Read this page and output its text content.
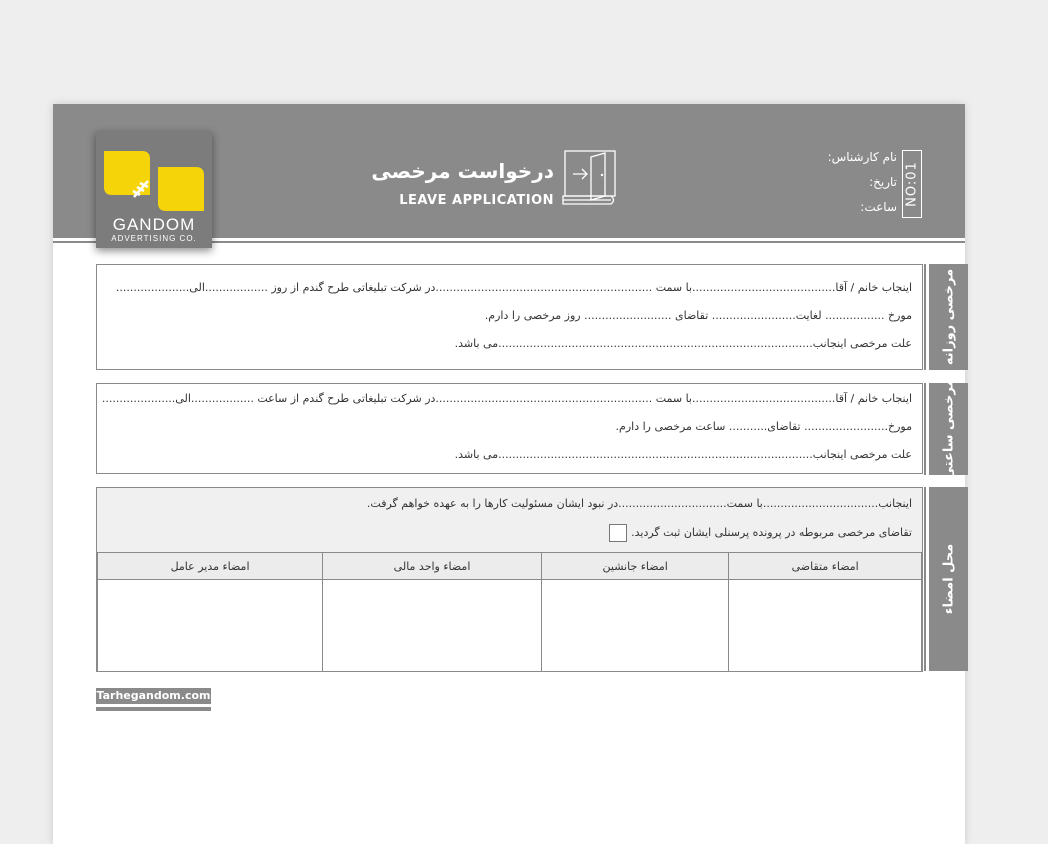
درخواست مرخصی
LEAVE APPLICATION	NO:01
نام کارشناس:
تاریخ:
ساعت:
GANDOM
ADVERTISING CO.
مرخصی روزانه
اینجاب خانم / آقا.........................................با سمت ..............................................................در شرکت تبلیغاتی طرح گندم از روز ..................الی.....................
مورخ ................. لغایت........................ تقاضای ......................... روز مرخصی را دارم.
علت مرخصی اینجانب..........................................................................................می باشد.
مرخصی ساعتی
اینجاب خانم / آقا.........................................با سمت ..............................................................در شرکت تبلیغاتی طرح گندم از ساعت ..................الی.....................
مورخ........................ تقاضای........... ساعت مرخصی را دارم.
علت مرخصی اینجانب..........................................................................................می باشد.
محل امضاء
اینجانب.................................با سمت...............................در نبود ایشان مسئولیت کارها را به عهده خواهم گرفت.
تقاضای مرخصی مربوطه در پرونده پرسنلی ایشان ثبت گردید.
امضاء متقاضی	امضاء جانشین	امضاء واحد مالی	امضاء مدیر عامل

Tarhegandom.com
